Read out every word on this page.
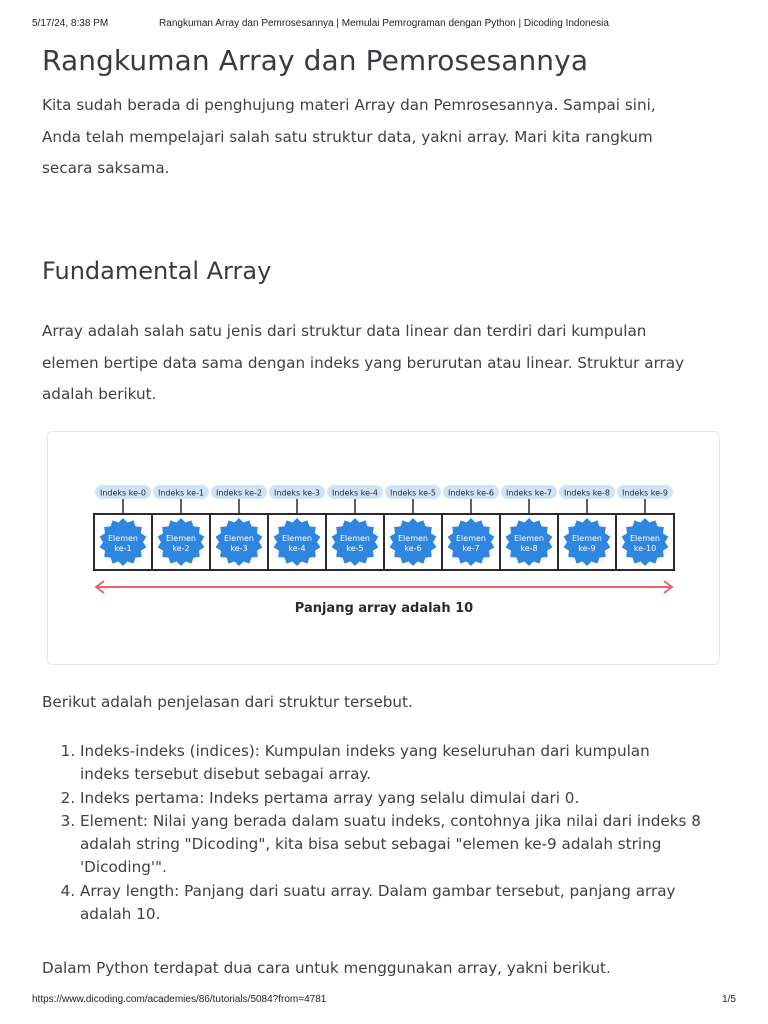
5/17/24, 8:38 PM	Rangkuman Array dan Pemrosesannya | Memulai Pemrograman dengan Python | Dicoding Indonesia
Rangkuman Array dan Pemrosesannya

Kita sudah berada di penghujung materi Array dan Pemrosesannya. Sampai sini,
Anda telah mempelajari salah satu struktur data, yakni array. Mari kita rangkum
secara saksama.

Fundamental Array

Array adalah salah satu jenis dari struktur data linear dan terdiri dari kumpulan
elemen bertipe data sama dengan indeks yang berurutan atau linear. Struktur array
adalah berikut.

Indeks ke-0 Indeks ke-1 Indeks ke-2 Indeks ke-3 Indeks ke-4 Indeks ke-5 Indeks ke-6 Indeks ke-7 Indeks ke-8 Indeks ke-9
Elemen
ke-1
Elemen
ke-2
Elemen
ke-3
Elemen
ke-4
Elemen
ke-5
Elemen
ke-6
Elemen
ke-7
Elemen
ke-8
Elemen
ke-9
Elemen
ke-10
Panjang array adalah 10

Berikut adalah penjelasan dari struktur tersebut.

1. Indeks-indeks (indices): Kumpulan indeks yang keseluruhan dari kumpulan
indeks tersebut disebut sebagai array.
2. Indeks pertama: Indeks pertama array yang selalu dimulai dari 0.
3. Element: Nilai yang berada dalam suatu indeks, contohnya jika nilai dari indeks 8
adalah string "Dicoding", kita bisa sebut sebagai "elemen ke-9 adalah string
'Dicoding'".
4. Array length: Panjang dari suatu array. Dalam gambar tersebut, panjang array
adalah 10.

Dalam Python terdapat dua cara untuk menggunakan array, yakni berikut.

https://www.dicoding.com/academies/86/tutorials/5084?from=4781	1/5
